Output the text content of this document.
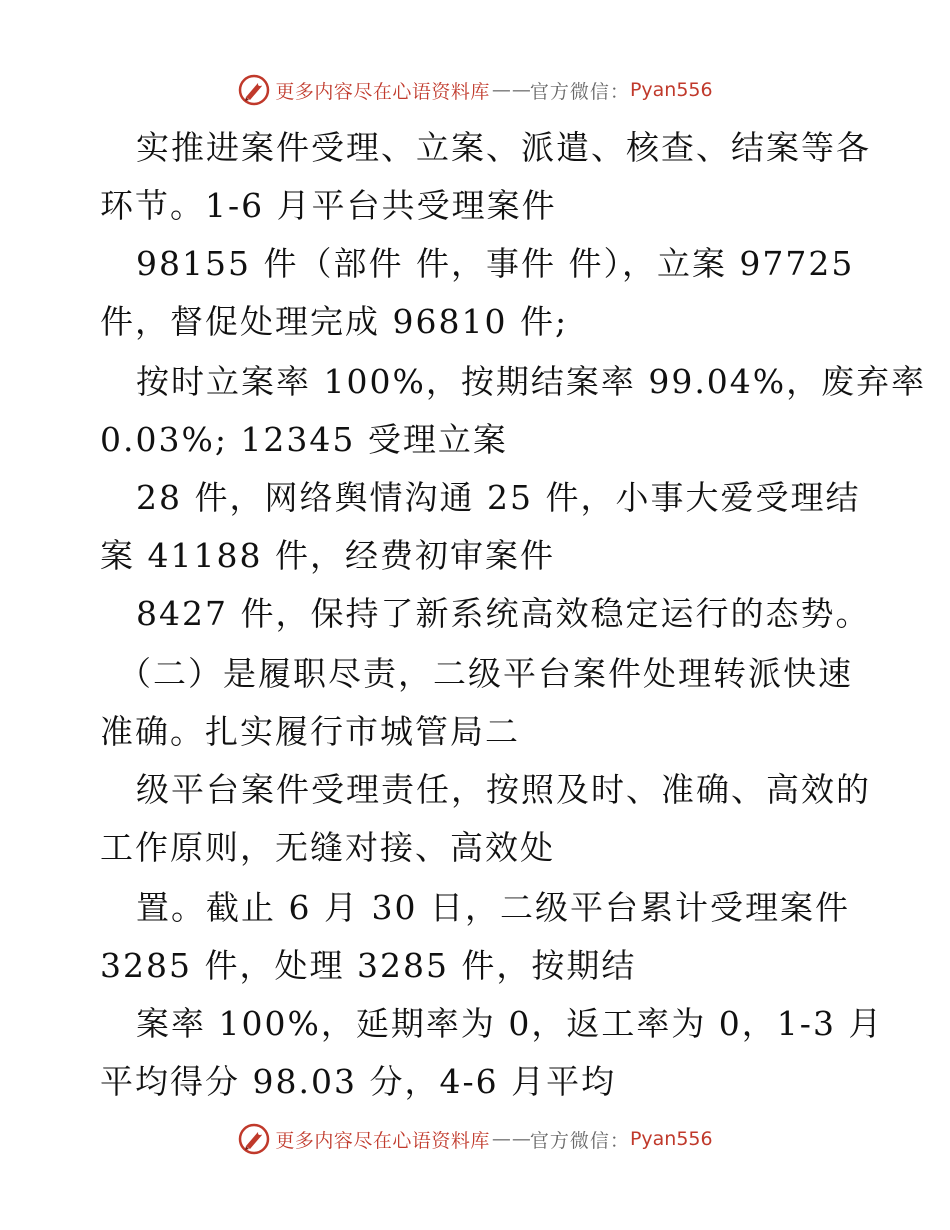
更多内容尽在心语资料库 — — 官方微信： Pyan556
实推进案件受理、立案、派遣、核查、结案等各
环节。1-6 月平台共受理案件
98155 件（部件 件，事件 件），立案 97725
件，督促处理完成 96810 件;
按时立案率 100%，按期结案率 99.04%，废弃率
0.03%; 12345 受理立案
28 件，网络舆情沟通 25 件，小事大爱受理结
案 41188 件，经费初审案件
8427 件，保持了新系统高效稳定运行的态势。
（二）是履职尽责，二级平台案件处理转派快速
准确。扎实履行市城管局二
级平台案件受理责任，按照及时、准确、高效的
工作原则，无缝对接、高效处
置。截止 6 月 30 日，二级平台累计受理案件
3285 件，处理 3285 件，按期结
案率 100%，延期率为 0，返工率为 0，1-3 月
平均得分 98.03 分，4-6 月平均
更多内容尽在心语资料库 — — 官方微信： Pyan556
